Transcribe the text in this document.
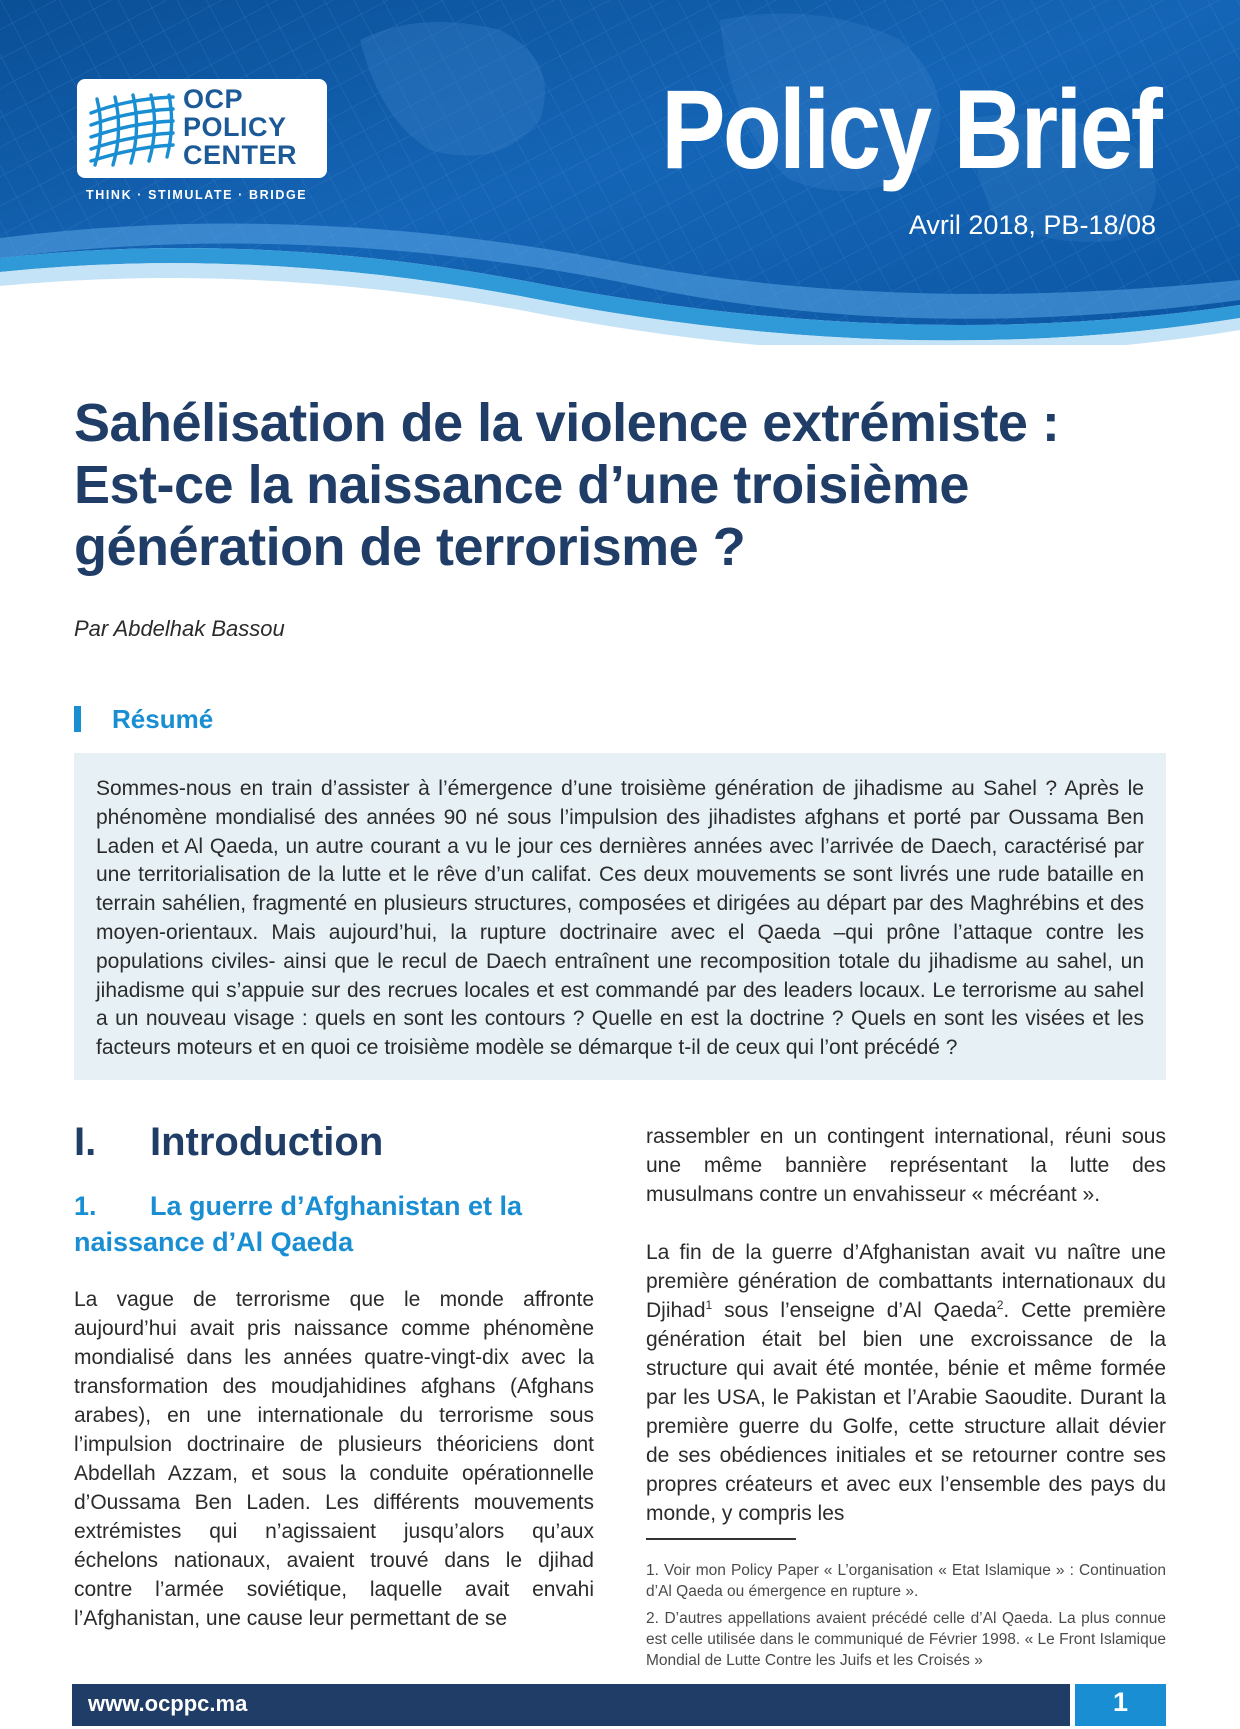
OCP
POLICY
CENTER
THINK · STIMULATE · BRIDGE
Policy Brief
Avril 2018, PB-18/08
Sahélisation de la violence extrémiste :
Est-ce la naissance d’une troisième
génération de terrorisme ?
Par Abdelhak Bassou
Résumé

Sommes-nous en train d’assister à l’émergence d’une troisième génération de jihadisme au Sahel ? Après le phénomène mondialisé des années 90 né sous l’impulsion des jihadistes afghans et porté par Oussama Ben Laden et Al Qaeda, un autre courant a vu le jour ces dernières années avec l’arrivée de Daech, caractérisé par une territorialisation de la lutte et le rêve d’un califat. Ces deux mouvements se sont livrés une rude bataille en terrain sahélien, fragmenté en plusieurs structures, composées et dirigées au départ par des Maghrébins et des moyen-orientaux. Mais aujourd’hui, la rupture doctrinaire avec el Qaeda –qui prône l’attaque contre les populations civiles- ainsi que le recul de Daech entraînent une recomposition totale du jihadisme au sahel, un jihadisme qui s’appuie sur des recrues locales et est commandé par des leaders locaux. Le terrorisme au sahel a un nouveau visage : quels en sont les contours ? Quelle en est la doctrine ? Quels en sont les visées et les facteurs moteurs et en quoi ce troisième modèle se démarque t-il de ceux qui l’ont précédé ?

I.	Introduction
1. La guerre d’Afghanistan et la
naissance d’Al Qaeda

La vague de terrorisme que le monde affronte aujourd’hui avait pris naissance comme phénomène mondialisé dans les années quatre-vingt-dix avec la transformation des moudjahidines afghans (Afghans arabes), en une internationale du terrorisme sous l’impulsion doctrinaire de plusieurs théoriciens dont Abdellah Azzam, et sous la conduite opérationnelle d’Oussama Ben Laden. Les différents mouvements extrémistes qui n’agissaient jusqu’alors qu’aux échelons nationaux, avaient trouvé dans le djihad contre l’armée soviétique, laquelle avait envahi l’Afghanistan, une cause leur permettant de se

rassembler en un contingent international, réuni sous une même bannière représentant la lutte des musulmans contre un envahisseur « mécréant ».

La fin de la guerre d’Afghanistan avait vu naître une première génération de combattants internationaux du Djihad$^1$ sous l’enseigne d’Al Qaeda$^2$. Cette première génération était bel bien une excroissance de la structure qui avait été montée, bénie et même formée par les USA, le Pakistan et l’Arabie Saoudite. Durant la première guerre du Golfe, cette structure allait dévier de ses obédiences initiales et se retourner contre ses propres créateurs et avec eux l’ensemble des pays du monde, y compris les

1. Voir mon Policy Paper « L’organisation « Etat Islamique » : Continuation d’Al Qaeda ou émergence en rupture ».

2. D’autres appellations avaient précédé celle d’Al Qaeda. La plus connue est celle utilisée dans le communiqué de Février 1998. « Le Front Islamique Mondial de Lutte Contre les Juifs et les Croisés »

www.ocppc.ma	1
